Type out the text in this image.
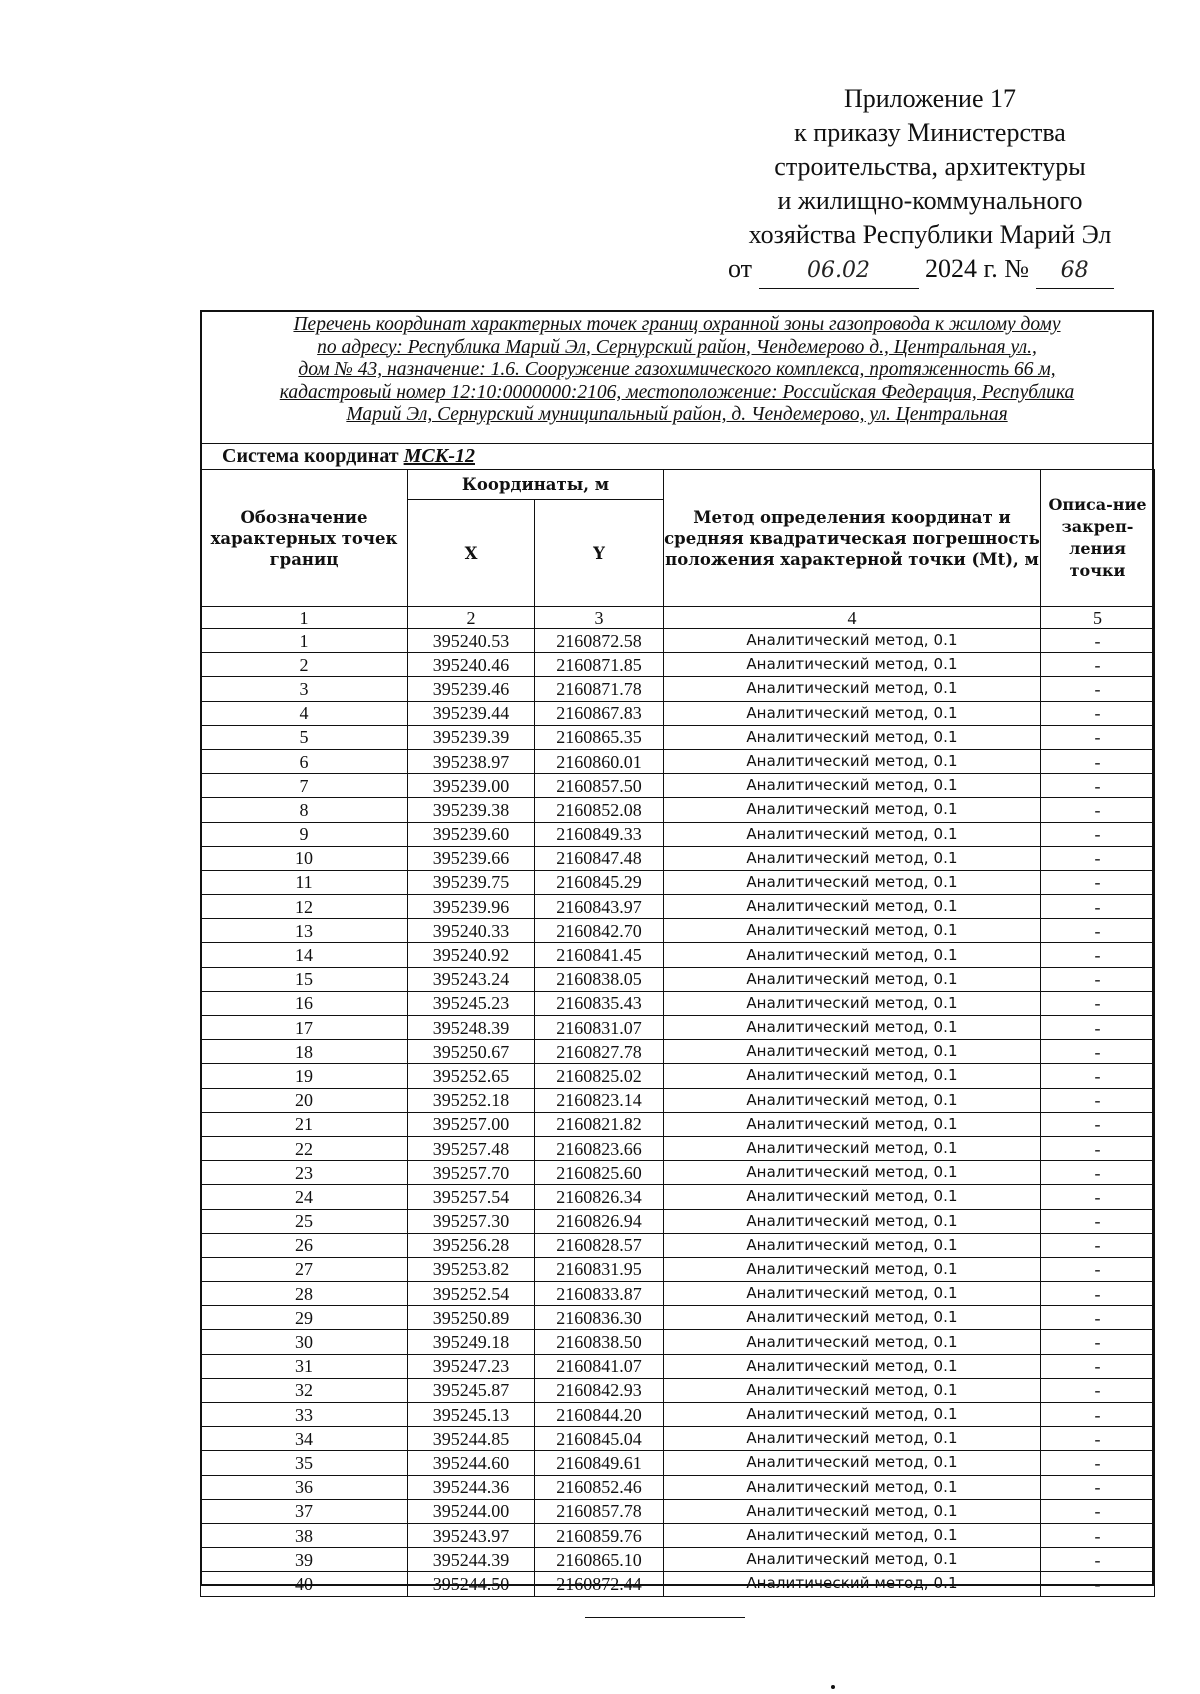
Приложение 17
к приказу Министерства
строительства, архитектуры
и жилищно-коммунального
хозяйства Республики Марий Эл
от	06.02 2024 г. № 68
Перечень координат характерных точек границ охранной зоны газопровода к жилому дому
по адресу: Республика Марий Эл, Сернурский район, Чендемерово д., Центральная ул.,
дом № 43, назначение: 1.6. Сооружение газохимического комплекса, протяженность 66 м,
кадастровый номер 12:10:0000000:2106, местоположение: Российская Федерация, Республика
Марий Эл, Сернурский муниципальный район, д. Чендемерово, ул. Центральная
Система координат МСК-12
Обозначение характерных точек границ	Координаты, м		Метод определения координат и средняя квадратическая погрешность положения характерной точки (Mt), м	Описа-ние закреп-ления точки
	X	Y		
1	2	3	4	5
1	395240.53	2160872.58	Аналитический метод, 0.1	-
2	395240.46	2160871.85	Аналитический метод, 0.1	-
3	395239.46	2160871.78	Аналитический метод, 0.1	-
4	395239.44	2160867.83	Аналитический метод, 0.1	-
5	395239.39	2160865.35	Аналитический метод, 0.1	-
6	395238.97	2160860.01	Аналитический метод, 0.1	-
7	395239.00	2160857.50	Аналитический метод, 0.1	-
8	395239.38	2160852.08	Аналитический метод, 0.1	-
9	395239.60	2160849.33	Аналитический метод, 0.1	-
10	395239.66	2160847.48	Аналитический метод, 0.1	-
11	395239.75	2160845.29	Аналитический метод, 0.1	-
12	395239.96	2160843.97	Аналитический метод, 0.1	-
13	395240.33	2160842.70	Аналитический метод, 0.1	-
14	395240.92	2160841.45	Аналитический метод, 0.1	-
15	395243.24	2160838.05	Аналитический метод, 0.1	-
16	395245.23	2160835.43	Аналитический метод, 0.1	-
17	395248.39	2160831.07	Аналитический метод, 0.1	-
18	395250.67	2160827.78	Аналитический метод, 0.1	-
19	395252.65	2160825.02	Аналитический метод, 0.1	-
20	395252.18	2160823.14	Аналитический метод, 0.1	-
21	395257.00	2160821.82	Аналитический метод, 0.1	-
22	395257.48	2160823.66	Аналитический метод, 0.1	-
23	395257.70	2160825.60	Аналитический метод, 0.1	-
24	395257.54	2160826.34	Аналитический метод, 0.1	-
25	395257.30	2160826.94	Аналитический метод, 0.1	-
26	395256.28	2160828.57	Аналитический метод, 0.1	-
27	395253.82	2160831.95	Аналитический метод, 0.1	-
28	395252.54	2160833.87	Аналитический метод, 0.1	-
29	395250.89	2160836.30	Аналитический метод, 0.1	-
30	395249.18	2160838.50	Аналитический метод, 0.1	-
31	395247.23	2160841.07	Аналитический метод, 0.1	-
32	395245.87	2160842.93	Аналитический метод, 0.1	-
33	395245.13	2160844.20	Аналитический метод, 0.1	-
34	395244.85	2160845.04	Аналитический метод, 0.1	-
35	395244.60	2160849.61	Аналитический метод, 0.1	-
36	395244.36	2160852.46	Аналитический метод, 0.1	-
37	395244.00	2160857.78	Аналитический метод, 0.1	-
38	395243.97	2160859.76	Аналитический метод, 0.1	-
39	395244.39	2160865.10	Аналитический метод, 0.1	-
40	395244.50	2160872.44	Аналитический метод, 0.1	-
